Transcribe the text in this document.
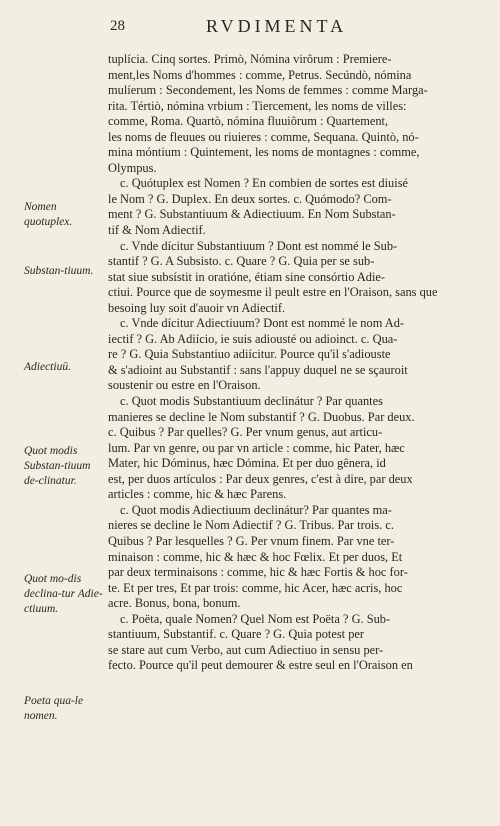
28	RVDIMENTA
Nomen quotuplex.
Substan-tiuum.
Adiectiuū.
Quot modis Substan-tiuum de-clinatur.
Quot mo-dis declina-tur Adie-ctiuum.
Poeta qua-le nomen.
tuplícia. Cinq sortes. Primò, Nómina virôrum : Premiere-
ment,les Noms d'hommes : comme, Petrus. Secúndò, nómina
mulíerum : Secondement, les Noms de femmes : comme Marga-
rita. Tértiò, nómina vrbium : Tiercement, les noms de villes:
comme, Roma. Quartò, nómina fluuiôrum : Quartement,
les noms de fleuues ou riuieres : comme, Sequana. Quintò, nó-
mina móntium : Quintement, les noms de montagnes : comme,
Olympus.
c. Quótuplex est Nomen ? En combien de sortes est diuisé
le Nom ? G. Duplex. En deux sortes. c. Quómodo? Com-
ment ? G. Substantiuum & Adiectiuum. En Nom Substan-
tif & Nom Adiectif.
c. Vnde dícitur Substantiuum ? Dont est nommé le Sub-
stantif ? G. A Subsisto. c. Quare ? G. Quia per se sub-
stat siue subsístit in oratióne, étiam sine consórtio Adie-
ctiui. Pource que de soymesme il peult estre en l'Oraison, sans que
besoing luy soit d'auoir vn Adiectif.
c. Vnde dícitur Adiectiuum? Dont est nommé le nom Ad-
iectif ? G. Ab Adiício, ie suis adiousté ou adioinct. c. Qua-
re ? G. Quia Substantiuo adiícitur. Pource qu'il s'adiouste
& s'adioint au Substantif : sans l'appuy duquel ne se sçauroit
soustenir ou estre en l'Oraison.
c. Quot modis Substantiuum declinátur ? Par quantes
manieres se decline le Nom substantif ? G. Duobus. Par deux.
c. Quibus ? Par quelles? G. Per vnum genus, aut articu-
lum. Par vn genre, ou par vn article : comme, hic Pater, hæc
Mater, hic Dóminus, hæc Dómina. Et per duo gênera, id
est, per duos artículos : Par deux genres, c'est à dire, par deux
articles : comme, hic & hæc Parens.
c. Quot modis Adiectiuum declinátur? Par quantes ma-
nieres se decline le Nom Adiectif ? G. Tribus. Par trois. c.
Quibus ? Par lesquelles ? G. Per vnum finem. Par vne ter-
minaison : comme, hic & hæc & hoc Fœlix. Et per duos, Et
par deux terminaisons : comme, hic & hæc Fortis & hoc for-
te. Et per tres, Et par trois: comme, hic Acer, hæc acris, hoc
acre. Bonus, bona, bonum.
c. Poëta, quale Nomen? Quel Nom est Poëta ? G. Sub-
stantiuum, Substantif. c. Quare ? G. Quia potest per
se stare aut cum Verbo, aut cum Adiectiuo in sensu per-
fecto. Pource qu'il peut demourer & estre seul en l'Oraison en
